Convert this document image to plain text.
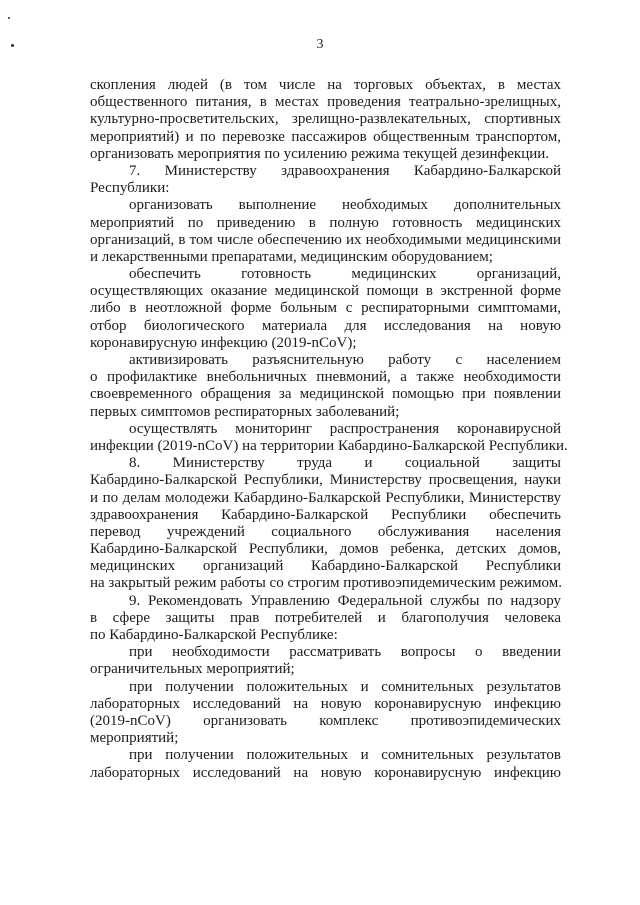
3
скопления людей (в том числе на торговых объектах, в местах
общественного питания, в местах проведения театрально-зрелищных,
культурно-просветительских, зрелищно-развлекательных, спортивных
мероприятий) и по перевозке пассажиров общественным транспортом,
организовать мероприятия по усилению режима текущей дезинфекции.
7. Министерству здравоохранения Кабардино-Балкарской
Республики:
организовать выполнение необходимых дополнительных
мероприятий по приведению в полную готовность медицинских
организаций, в том числе обеспечению их необходимыми медицинскими
и лекарственными препаратами, медицинским оборудованием;
обеспечить готовность медицинских организаций,
осуществляющих оказание медицинской помощи в экстренной форме
либо в неотложной форме больным с респираторными симптомами,
отбор биологического материала для исследования на новую
коронавирусную инфекцию (2019-nCoV);
активизировать разъяснительную работу с населением
о профилактике внебольничных пневмоний, а также необходимости
своевременного обращения за медицинской помощью при появлении
первых симптомов респираторных заболеваний;
осуществлять мониторинг распространения коронавирусной
инфекции (2019-nCoV) на территории Кабардино-Балкарской Республики.
8. Министерству труда и социальной защиты
Кабардино-Балкарской Республики, Министерству просвещения, науки
и по делам молодежи Кабардино-Балкарской Республики, Министерству
здравоохранения Кабардино-Балкарской Республики обеспечить
перевод учреждений социального обслуживания населения
Кабардино-Балкарской Республики, домов ребенка, детских домов,
медицинских организаций Кабардино-Балкарской Республики
на закрытый режим работы со строгим противоэпидемическим режимом.
9. Рекомендовать Управлению Федеральной службы по надзору
в сфере защиты прав потребителей и благополучия человека
по Кабардино-Балкарской Республике:
при необходимости рассматривать вопросы о введении
ограничительных мероприятий;
при получении положительных и сомнительных результатов
лабораторных исследований на новую коронавирусную инфекцию
(2019-nCoV) организовать комплекс противоэпидемических
мероприятий;
при получении положительных и сомнительных результатов
лабораторных исследований на новую коронавирусную инфекцию
